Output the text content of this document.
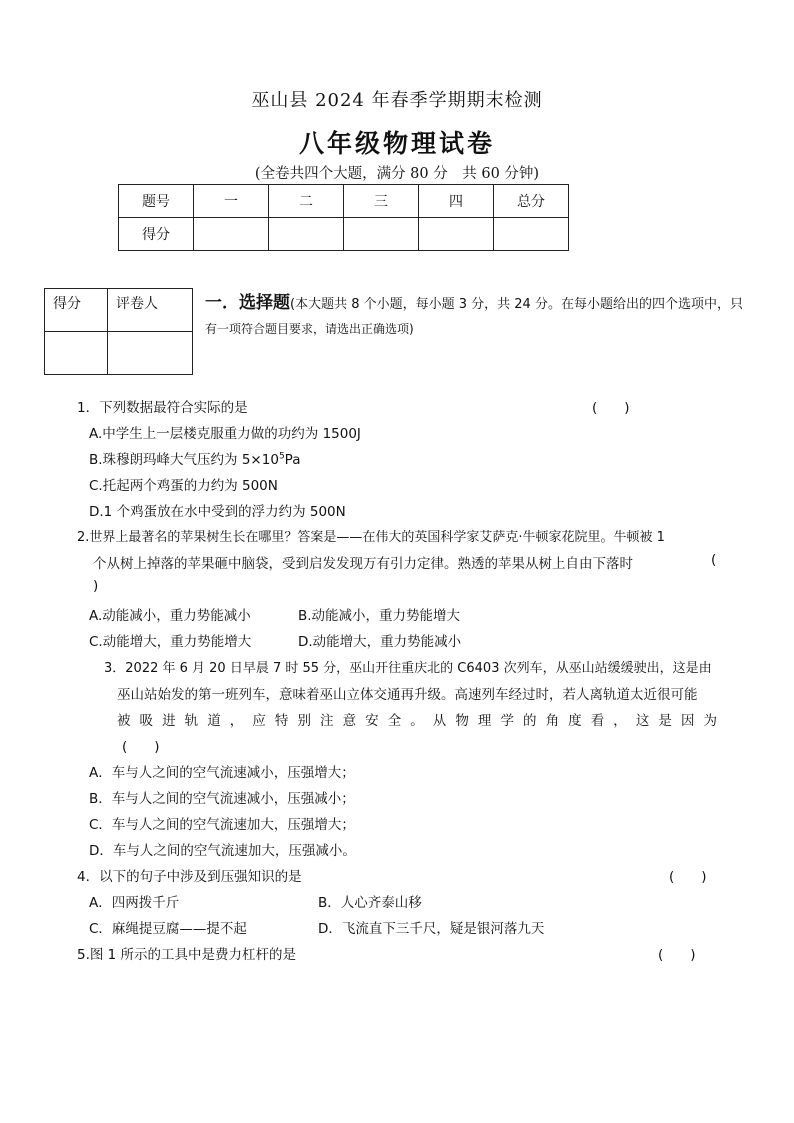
巫山县 2024 年春季学期期末检测
八年级物理试卷
(全卷共四个大题，满分 80 分　共 60 分钟)
题号	一	二	三	四	总分
得分					
得分	评卷人
		一．选择题(本大题共 8 个小题，每小题 3 分，共 24 分。在每小题给出的四个选项中，只
有一项符合题目要求，请选出正确选项)
1．下列数据最符合实际的是	(　　)
A.中学生上一层楼克服重力做的功约为 1500J
B.珠穆朗玛峰大气压约为 $5\times 10^5Pa$
C.托起两个鸡蛋的力约为 500N
D.1 个鸡蛋放在水中受到的浮力约为 500N
2.世界上最著名的苹果树生长在哪里？答案是——在伟大的英国科学家艾萨克·牛顿家花院里。牛顿被 1
个从树上掉落的苹果砸中脑袋，受到启发发现万有引力定律。熟透的苹果从树上自由下落时	(
)
A.动能减小，重力势能减小	B.动能减小，重力势能增大
C.动能增大，重力势能增大	D.动能增大，重力势能减小
3．2022 年 6 月 20 日早晨 7 时 55 分，巫山开往重庆北的 C6403 次列车，从巫山站缓缓驶出，这是由
巫山站始发的第一班列车，意味着巫山立体交通再升级。高速列车经过时，若人离轨道太近很可能
被吸进轨道，应特别注意安全。从物理学的角度看，这是因为
(　　)
A．车与人之间的空气流速减小，压强增大；
B．车与人之间的空气流速减小，压强减小；
C．车与人之间的空气流速加大，压强增大；
D．车与人之间的空气流速加大，压强减小。
4．以下的句子中涉及到压强知识的是	(　　)
A．四两拨千斤	B．人心齐泰山移
C．麻绳提豆腐——提不起	D．飞流直下三千尺，疑是银河落九天
5.图 1 所示的工具中是费力杠杆的是	(　　)
